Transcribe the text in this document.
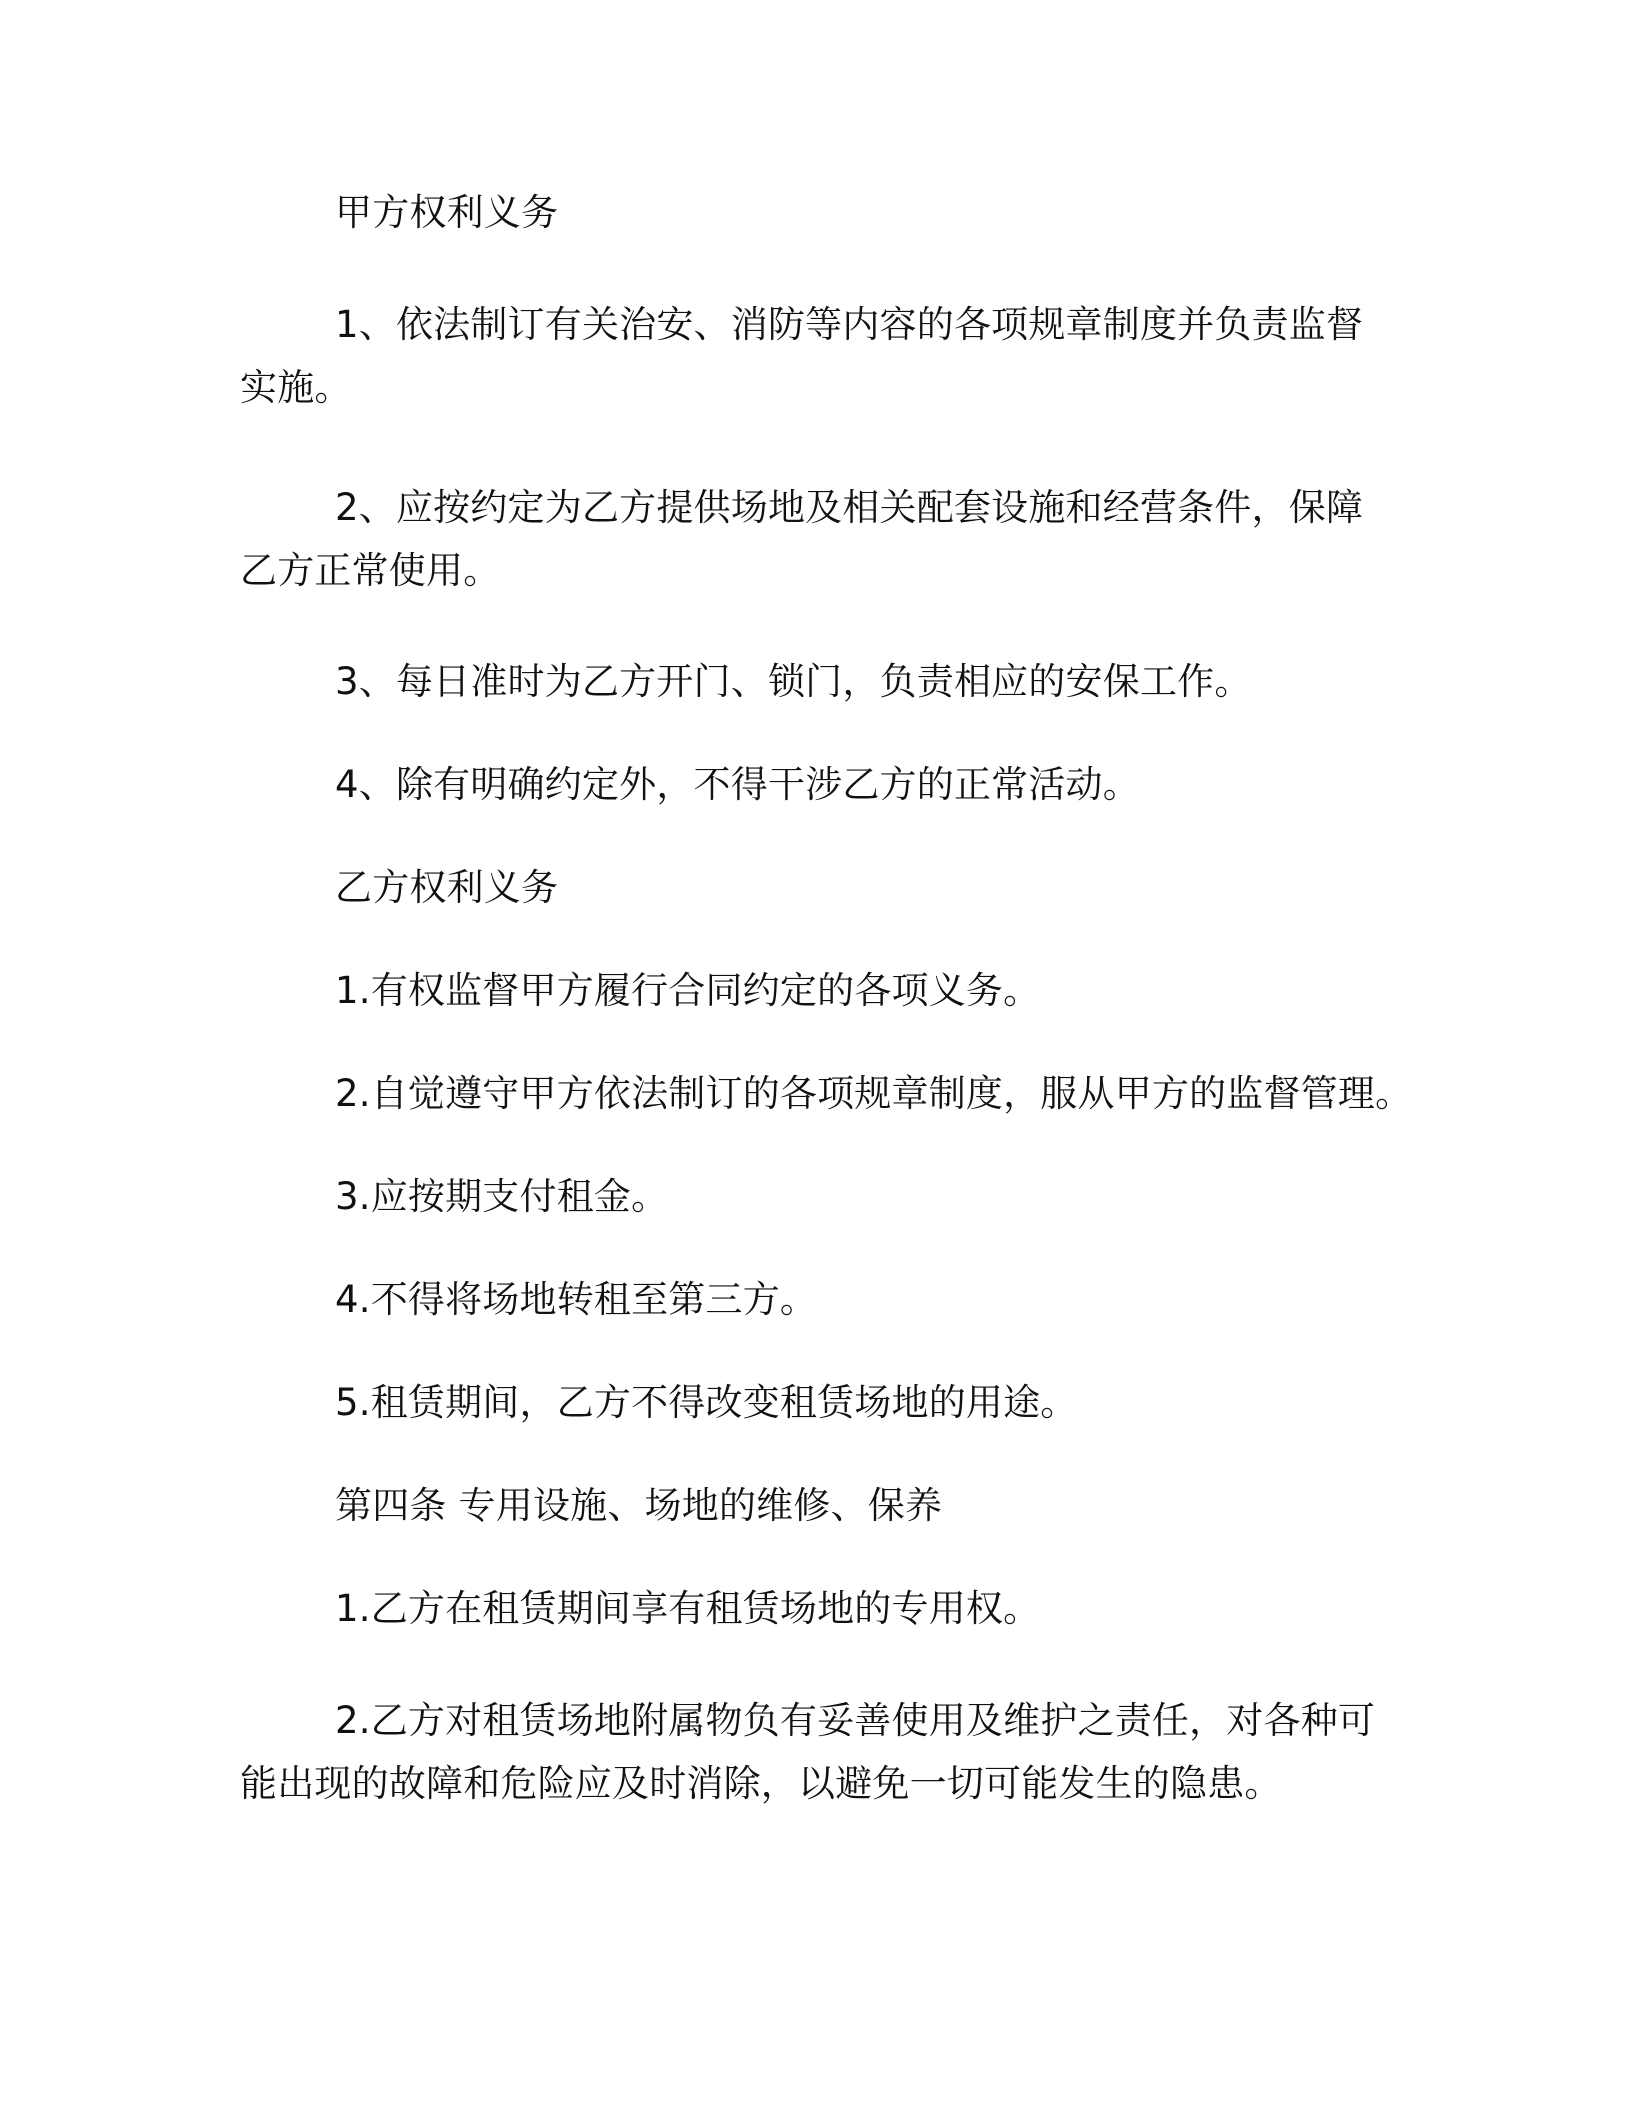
甲方权利义务

1、依法制订有关治安、消防等内容的各项规章制度并负责监督实施。

2、应按约定为乙方提供场地及相关配套设施和经营条件，保障乙方正常使用。

3、每日准时为乙方开门、锁门，负责相应的安保工作。

4、除有明确约定外，不得干涉乙方的正常活动。

乙方权利义务

1.有权监督甲方履行合同约定的各项义务。

2.自觉遵守甲方依法制订的各项规章制度，服从甲方的监督管理。

3.应按期支付租金。

4.不得将场地转租至第三方。

5.租赁期间，乙方不得改变租赁场地的用途。

第四条 专用设施、场地的维修、保养

1.乙方在租赁期间享有租赁场地的专用权。

2.乙方对租赁场地附属物负有妥善使用及维护之责任，对各种可能出现的故障和危险应及时消除，以避免一切可能发生的隐患。
